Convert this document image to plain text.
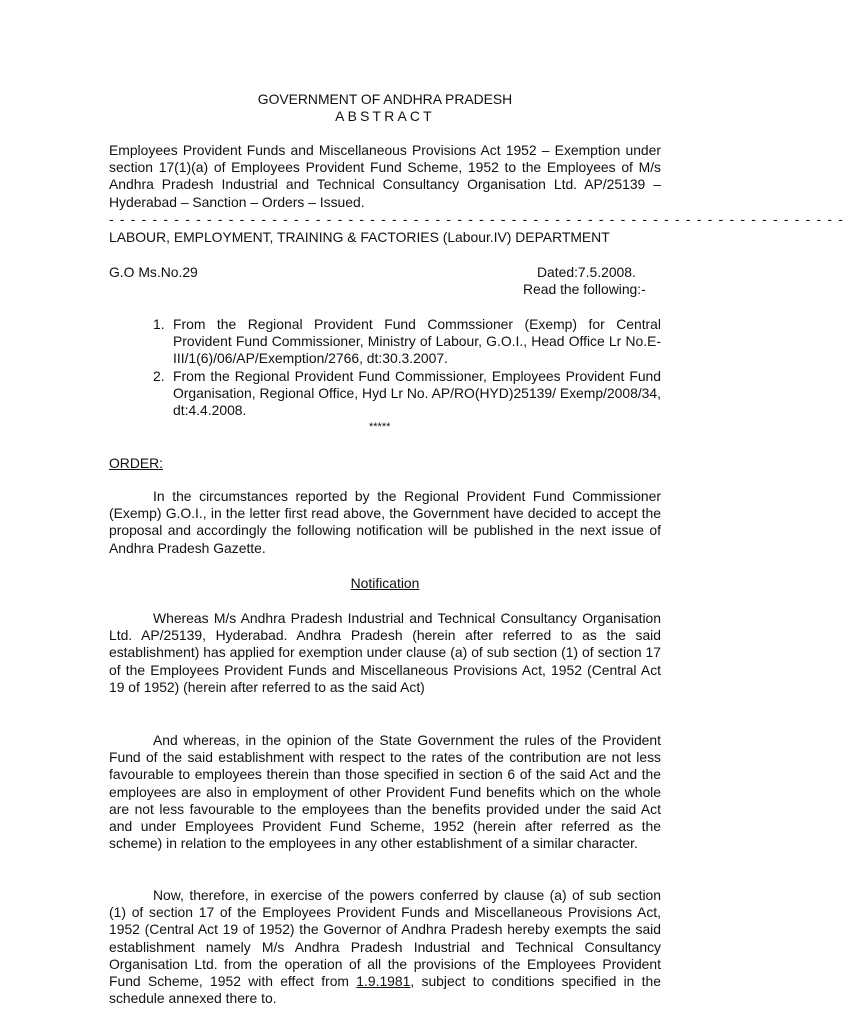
GOVERNMENT OF ANDHRA PRADESH
ABSTRACT
Employees Provident Funds and Miscellaneous Provisions Act 1952 – Exemption under section 17(1)(a) of Employees Provident Fund Scheme, 1952 to the Employees of M/s Andhra Pradesh Industrial and Technical Consultancy Organisation Ltd. AP/25139 – Hyderabad – Sanction – Orders – Issued.
- - - - - - - - - - - - - - - - - - - - - - - - - - - - - - - - - - - - - - - - - - - - - - - - - - - - - - - - - - - - - - - - - - - -
LABOUR, EMPLOYMENT, TRAINING & FACTORIES (Labour.IV) DEPARTMENT
G.O Ms.No.29	Dated:7.5.2008.
Read the following:-
1. From the Regional Provident Fund Commssioner (Exemp) for Central Provident Fund Commissioner, Ministry of Labour, G.O.I., Head Office Lr No.E-III/1(6)/06/AP/Exemption/2766, dt:30.3.2007.
2. From the Regional Provident Fund Commissioner, Employees Provident Fund Organisation, Regional Office, Hyd Lr No. AP/RO(HYD)25139/ Exemp/2008/34, dt:4.4.2008.
*****
ORDER:
In the circumstances reported by the Regional Provident Fund Commissioner (Exemp) G.O.I., in the letter first read above, the Government have decided to accept the proposal and accordingly the following notification will be published in the next issue of Andhra Pradesh Gazette.
Notification
Whereas M/s Andhra Pradesh Industrial and Technical Consultancy Organisation Ltd. AP/25139, Hyderabad. Andhra Pradesh (herein after referred to as the said establishment) has applied for exemption under clause (a) of sub section (1) of section 17 of the Employees Provident Funds and Miscellaneous Provisions Act, 1952 (Central Act 19 of 1952) (herein after referred to as the said Act)
And whereas, in the opinion of the State Government the rules of the Provident Fund of the said establishment with respect to the rates of the contribution are not less favourable to employees therein than those specified in section 6 of the said Act and the employees are also in employment of other Provident Fund benefits which on the whole are not less favourable to the employees than the benefits provided under the said Act and under Employees Provident Fund Scheme, 1952 (herein after referred as the scheme) in relation to the employees in any other establishment of a similar character.
Now, therefore, in exercise of the powers conferred by clause (a) of sub section (1) of section 17 of the Employees Provident Funds and Miscellaneous Provisions Act, 1952 (Central Act 19 of 1952) the Governor of Andhra Pradesh hereby exempts the said establishment namely M/s Andhra Pradesh Industrial and Technical Consultancy Organisation Ltd. from the operation of all the provisions of the Employees Provident Fund Scheme, 1952 with effect from 1.9.1981, subject to conditions specified in the schedule annexed there to.
